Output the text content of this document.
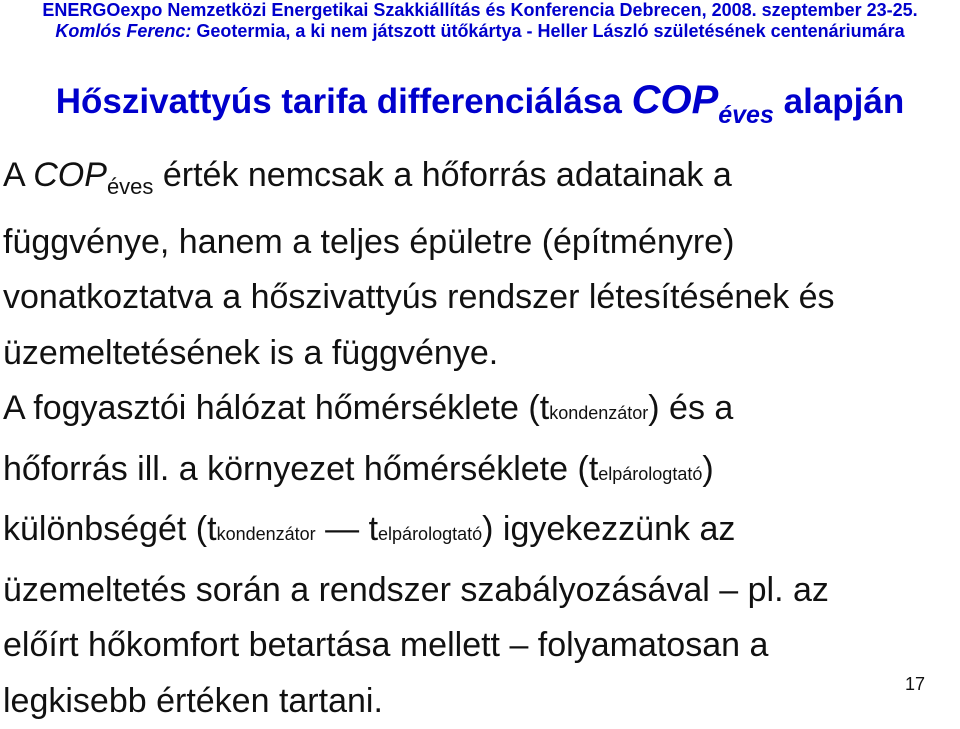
ENERGOexpo Nemzetközi Energetikai Szakkiállítás és Konferencia Debrecen, 2008. szeptember 23-25.
Komlós Ferenc: Geotermia, a ki nem játszott ütőkártya - Heller László születésének centenáriumára
Hőszivattyús tarifa differenciálása $COP_{éves}$ alapján

A $COP_{éves}$ érték nemcsak a hőforrás adatainak a

függvénye, hanem a teljes épületre (építményre)

vonatkoztatva a hőszivattyús rendszer létesítésének és

üzemeltetésének is a függvénye.

A fogyasztói hálózat hőmérséklete (tkondenzátor) és a

hőforrás ill. a környezet hőmérséklete (telpárologtató)

különbségét (tkondenzátor — telpárologtató) igyekezzünk az

üzemeltetés során a rendszer szabályozásával – pl. az

előírt hőkomfort betartása mellett – folyamatosan a

legkisebb értéken tartani.	17
